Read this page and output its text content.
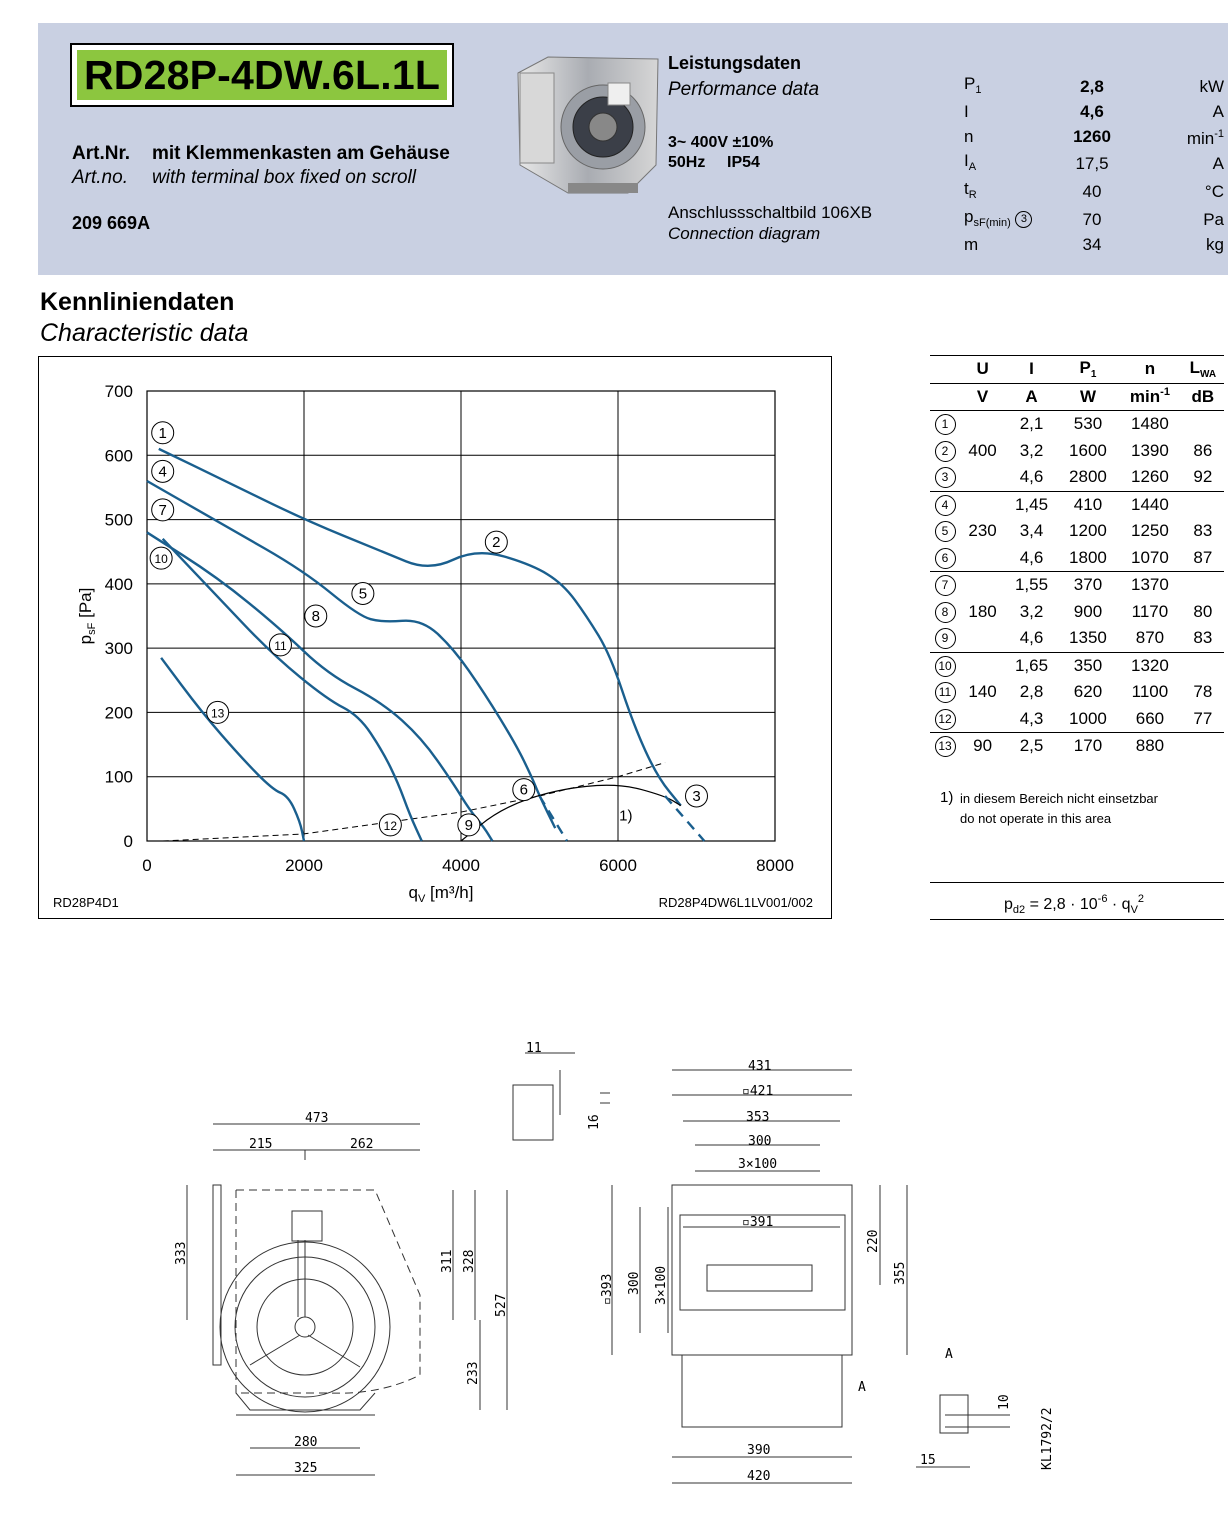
RD28P-4DW.6L.1L
Art.Nr. mit Klemmenkasten am Gehäuse
Art.no. with terminal box fixed on scroll
209 669A
Leistungsdaten
Performance data
3~ 400V ±10%
50Hz IP54
Anschlussschaltbild 106XB
Connection diagram
$P_1$	2,8	kW
I	4,6	A
n	1260	$\min^{-1}$
$I_A$	17,5	A
$t_R$	40	°C
$p_{sF(min)}$ 3	70	Pa
m	34	kg
Kennliniendaten
Characteristic data
0	2000	4000	6000	8000
0
100
200
300
400
500
600
700
$q_V$ [m³/h]
$p_{sF}$ [Pa]
1
2
3
4
5
6
7
8
9
10
11
12
13
1)
RD28P4D1	RD28P4DW6L1LV001/002
	U	I	$P_1$	n	$L_{WA}$
	V	A	W	$\min^{-1}$	dB
1		2,1	530	1480	
2	400	3,2	1600	1390	86
3		4,6	2800	1260	92
4		1,45	410	1440	
5	230	3,4	1200	1250	83
6		4,6	1800	1070	87
7		1,55	370	1370	
8	180	3,2	900	1170	80
9		4,6	1350	870	83
10		1,65	350	1320	
11	140	2,8	620	1100	78
12		4,3	1000	660	77
13	90	2,5	170	880	
1) in diesem Bereich nicht einsetzbar
do not operate in this area
$p_{d2} = 2,8 \cdot 10^{-6} \cdot q_V^2$
473
215	262
333	311 328
527
233
280
325
11
16
431
▫421
353
300
3×100
▫391
▫393 300 3×100
220
355
390
420
A
A
10
15	KL1792/2
